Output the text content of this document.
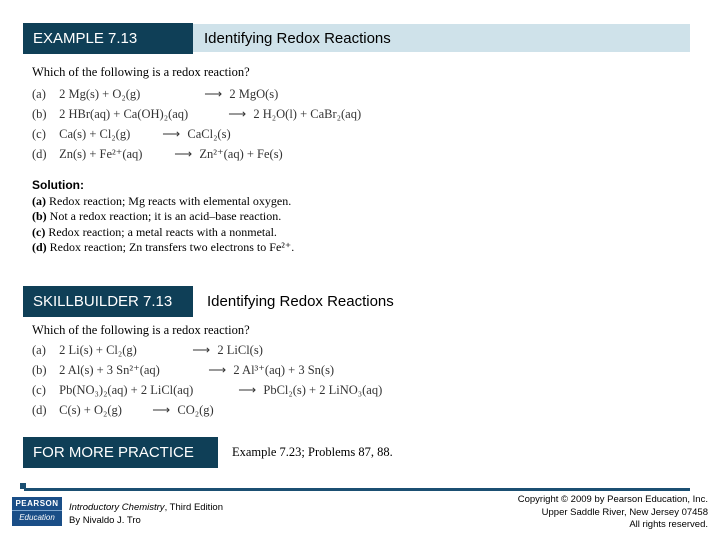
Identifying Redox Reactions
EXAMPLE 7.13
Which of the following is a redox reaction?
(a) 2 Mg(s) + O₂(g)	⟶ 2 MgO(s)
(b) 2 HBr(aq) + Ca(OH)₂(aq)	⟶ 2 H₂O(l) + CaBr₂(aq)
(c) Ca(s) + Cl₂(g)	⟶ CaCl₂(s)
(d) Zn(s) + Fe²⁺(aq)	⟶ Zn²⁺(aq) + Fe(s)
Solution:
(a) Redox reaction; Mg reacts with elemental oxygen.
(b) Not a redox reaction; it is an acid–base reaction.
(c) Redox reaction; a metal reacts with a nonmetal.
(d) Redox reaction; Zn transfers two electrons to Fe²⁺.
SKILLBUILDER 7.13 Identifying Redox Reactions
Which of the following is a redox reaction?
(a) 2 Li(s) + Cl₂(g)	⟶ 2 LiCl(s)
(b) 2 Al(s) + 3 Sn²⁺(aq)	⟶ 2 Al³⁺(aq) + 3 Sn(s)
(c) Pb(NO₃)₂(aq) + 2 LiCl(aq)	⟶ PbCl₂(s) + 2 LiNO₃(aq)
(d) C(s) + O₂(g) ⟶ CO₂(g)
FOR MORE PRACTICE	Example 7.23; Problems 87, 88.
PEARSON
Education
Introductory Chemistry, Third Edition
By Nivaldo J. Tro
Copyright © 2009 by Pearson Education, Inc.
Upper Saddle River, New Jersey 07458
All rights reserved.
